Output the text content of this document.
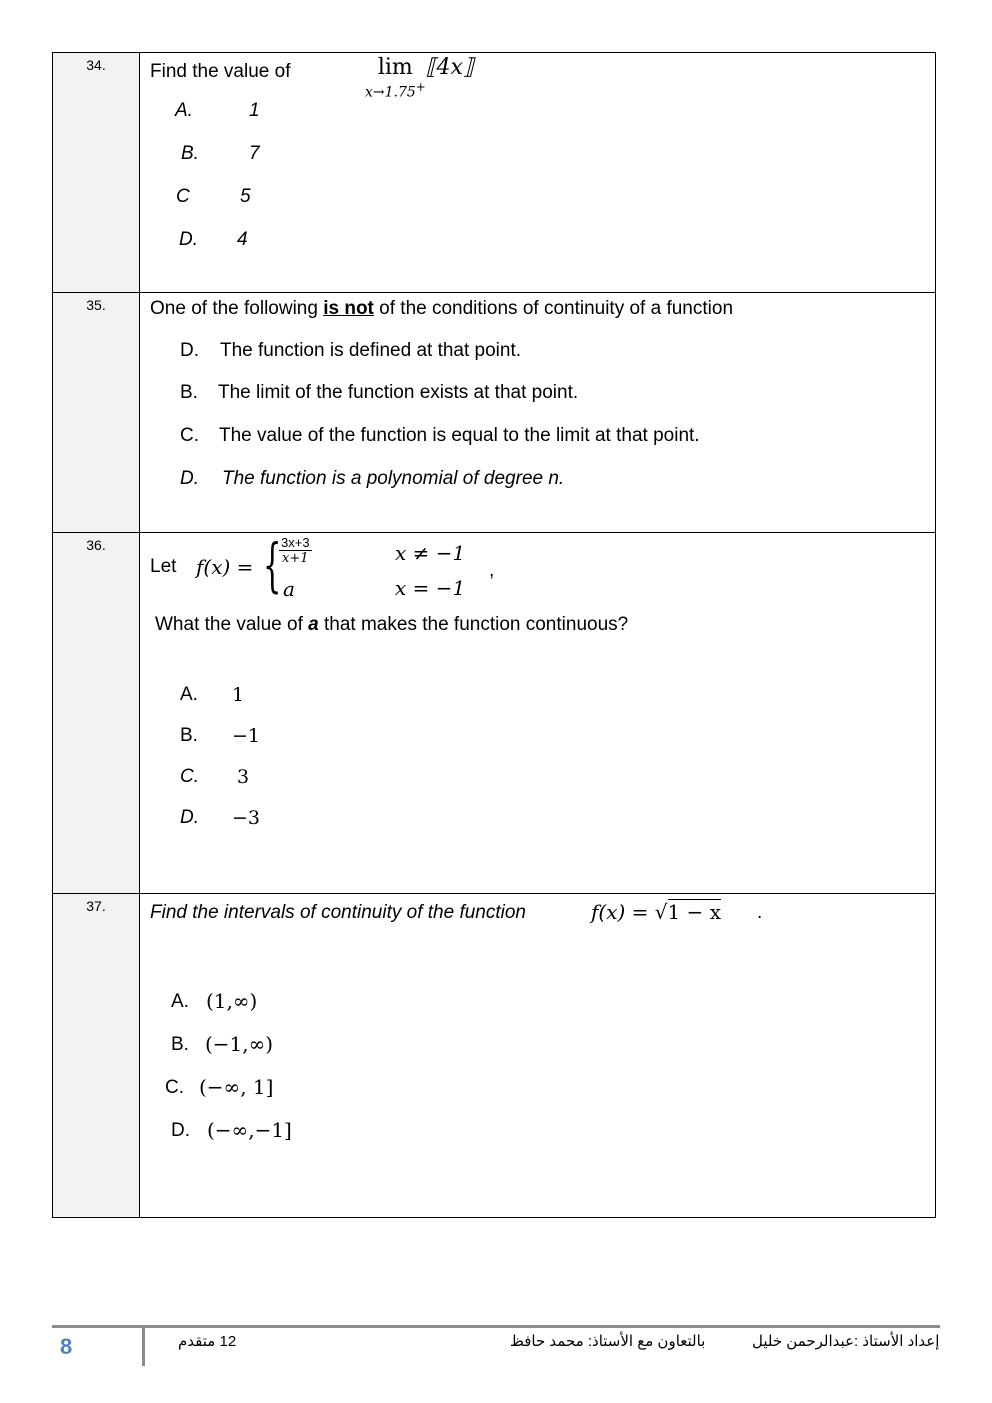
34.	Find the value of	lim
x→1.75+
⟦4x⟧
A.	1
B.	7
C	5
D. 4
35.	One of the following is not of the conditions of continuity of a function
D. The function is defined at that point.
B. The limit of the function exists at that point.
C. The value of the function is equal to the limit at that point.
D. The function is a polynomial of degree n.
36.
Let f(x) = {
$\frac{3x+3}{x+1}$
a
x ≠ −1
x = −1
,
What the value of a that makes the function continuous?
A. 1
B. −1
C. 3
D. −3
37.	Find the intervals of continuity of the function	f(x) = √1 − x .
A. (1,∞)
B. (−1,∞)
C. (−∞, 1]
D. (−∞,−1]
8	12 متقدم	بالتعاون مع الأستاذ: محمد حافظ	إعداد الأستاذ :عبدالرحمن خليل
